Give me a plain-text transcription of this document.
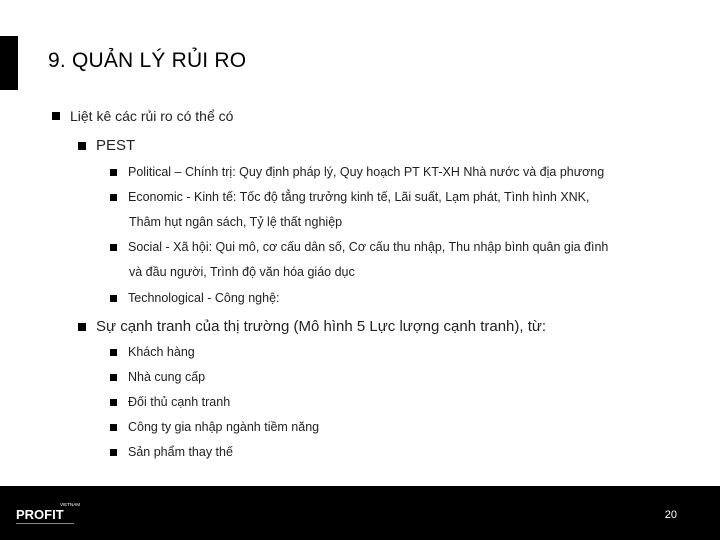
9. QUẢN LÝ RỦI RO
Liệt kê các rủi ro có thể có
PEST
Political – Chính trị: Quy định pháp lý, Quy hoạch PT KT-XH Nhà nước và địa phương
Economic - Kinh tế: Tốc độ tẳng trưởng kinh tế, Lãi suất, Lạm phát, Tình hình XNK,
Thâm hụt ngân sách, Tỷ lệ thất nghiệp
Social - Xã hội: Qui mô, cơ cấu dân số, Cơ cấu thu nhập, Thu nhập bình quân gia đình
và đầu người, Trình độ văn hóa giáo dục
Technological - Công nghệ:
Sự cạnh tranh của thị trường (Mô hình 5 Lực lượng cạnh tranh), từ:
Khách hàng
Nhà cung cấp
Đối thủ cạnh tranh
Công ty gia nhập ngành tiềm năng
Sản phẩm thay thế
VIETNAM
PROFIT	20
